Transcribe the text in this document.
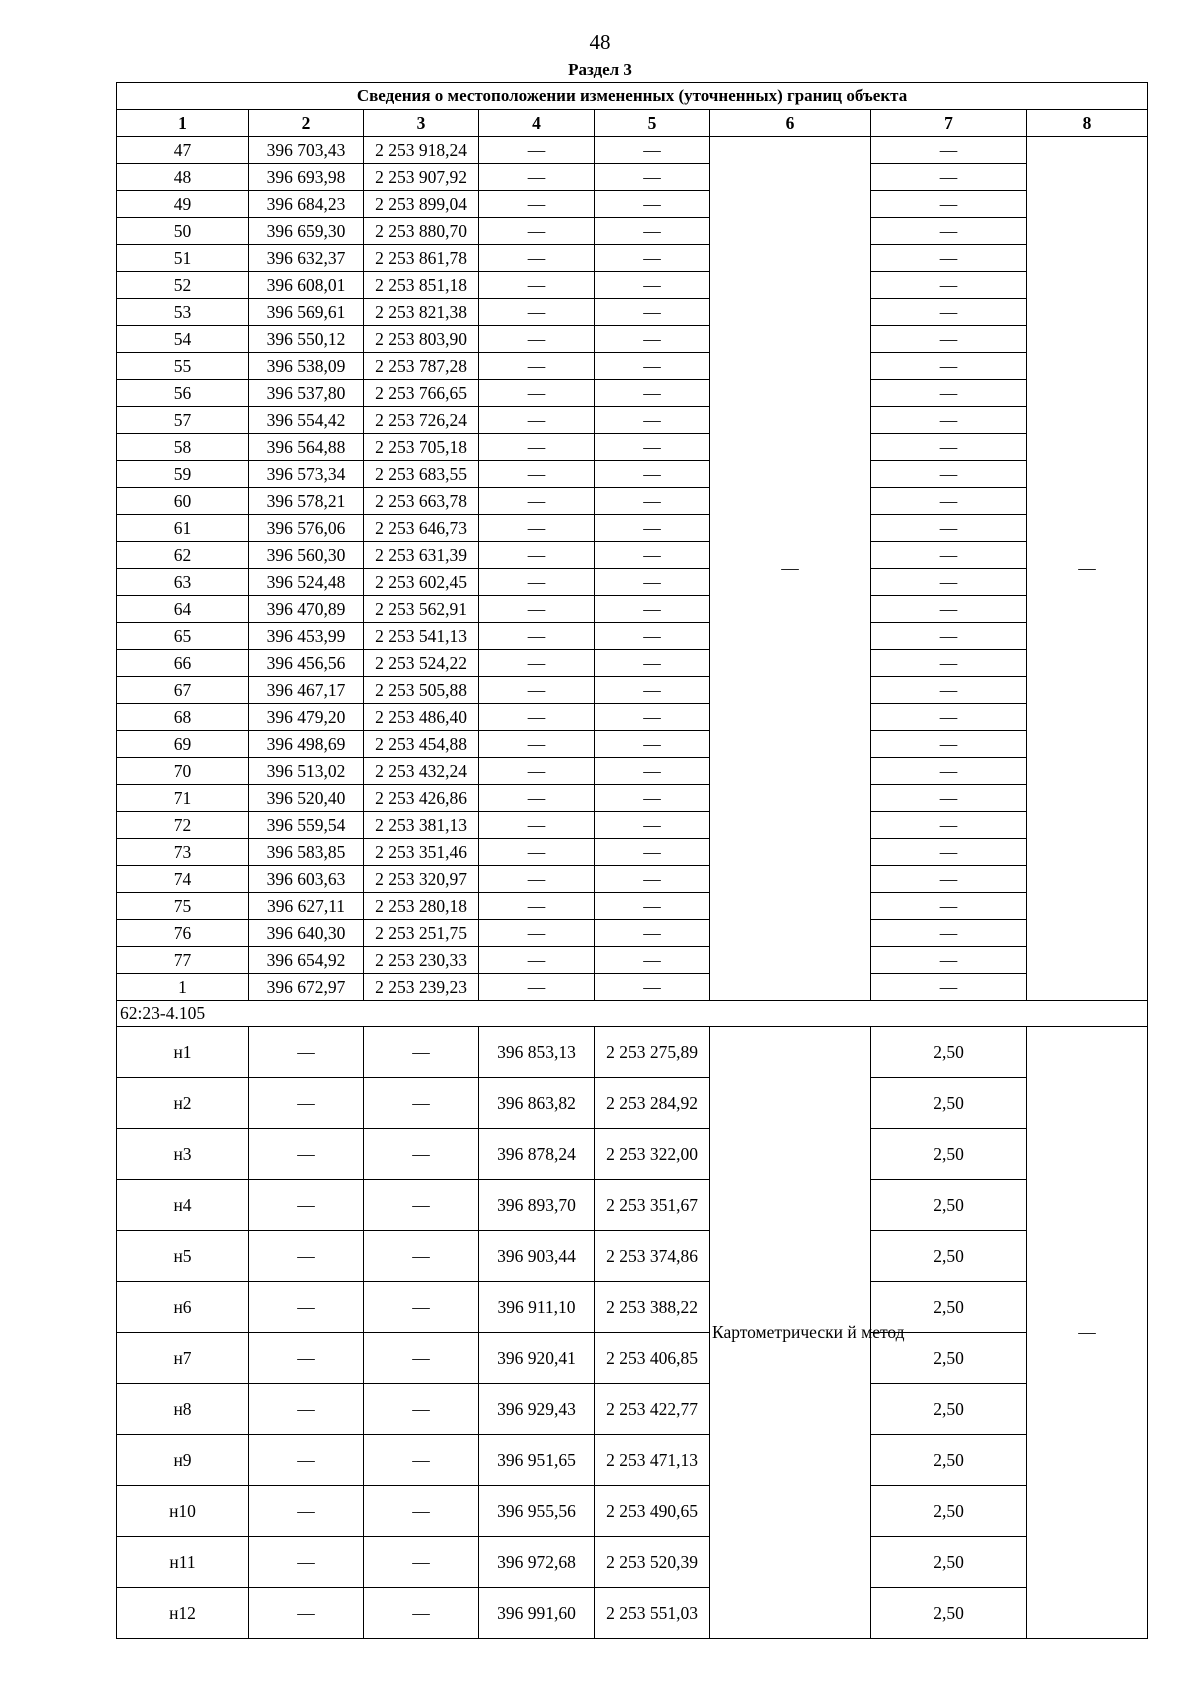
48
Раздел 3
Сведения о местоположении измененных (уточненных) границ объекта							
1	2	3	4	5	6	7	8
47	396 703,43	2 253 918,24	—	—	—	—	—
48	396 693,98	2 253 907,92	—	—		—	
49	396 684,23	2 253 899,04	—	—		—	
50	396 659,30	2 253 880,70	—	—		—	
51	396 632,37	2 253 861,78	—	—		—	
52	396 608,01	2 253 851,18	—	—		—	
53	396 569,61	2 253 821,38	—	—		—	
54	396 550,12	2 253 803,90	—	—		—	
55	396 538,09	2 253 787,28	—	—		—	
56	396 537,80	2 253 766,65	—	—		—	
57	396 554,42	2 253 726,24	—	—		—	
58	396 564,88	2 253 705,18	—	—		—	
59	396 573,34	2 253 683,55	—	—		—	
60	396 578,21	2 253 663,78	—	—		—	
61	396 576,06	2 253 646,73	—	—		—	
62	396 560,30	2 253 631,39	—	—		—	
63	396 524,48	2 253 602,45	—	—		—	
64	396 470,89	2 253 562,91	—	—		—	
65	396 453,99	2 253 541,13	—	—		—	
66	396 456,56	2 253 524,22	—	—		—	
67	396 467,17	2 253 505,88	—	—		—	
68	396 479,20	2 253 486,40	—	—		—	
69	396 498,69	2 253 454,88	—	—		—	
70	396 513,02	2 253 432,24	—	—		—	
71	396 520,40	2 253 426,86	—	—		—	
72	396 559,54	2 253 381,13	—	—		—	
73	396 583,85	2 253 351,46	—	—		—	
74	396 603,63	2 253 320,97	—	—		—	
75	396 627,11	2 253 280,18	—	—		—	
76	396 640,30	2 253 251,75	—	—		—	
77	396 654,92	2 253 230,33	—	—		—	
1	396 672,97	2 253 239,23	—	—		—	
62:23-4.105							
н1	—	—	396 853,13	2 253 275,89	Картометрически й метод	2,50	—
н2	—	—	396 863,82	2 253 284,92		2,50	
н3	—	—	396 878,24	2 253 322,00		2,50	
н4	—	—	396 893,70	2 253 351,67		2,50	
н5	—	—	396 903,44	2 253 374,86		2,50	
н6	—	—	396 911,10	2 253 388,22		2,50	
н7	—	—	396 920,41	2 253 406,85		2,50	
н8	—	—	396 929,43	2 253 422,77		2,50	
н9	—	—	396 951,65	2 253 471,13		2,50	
н10	—	—	396 955,56	2 253 490,65		2,50	
н11	—	—	396 972,68	2 253 520,39		2,50	
н12	—	—	396 991,60	2 253 551,03		2,50	
